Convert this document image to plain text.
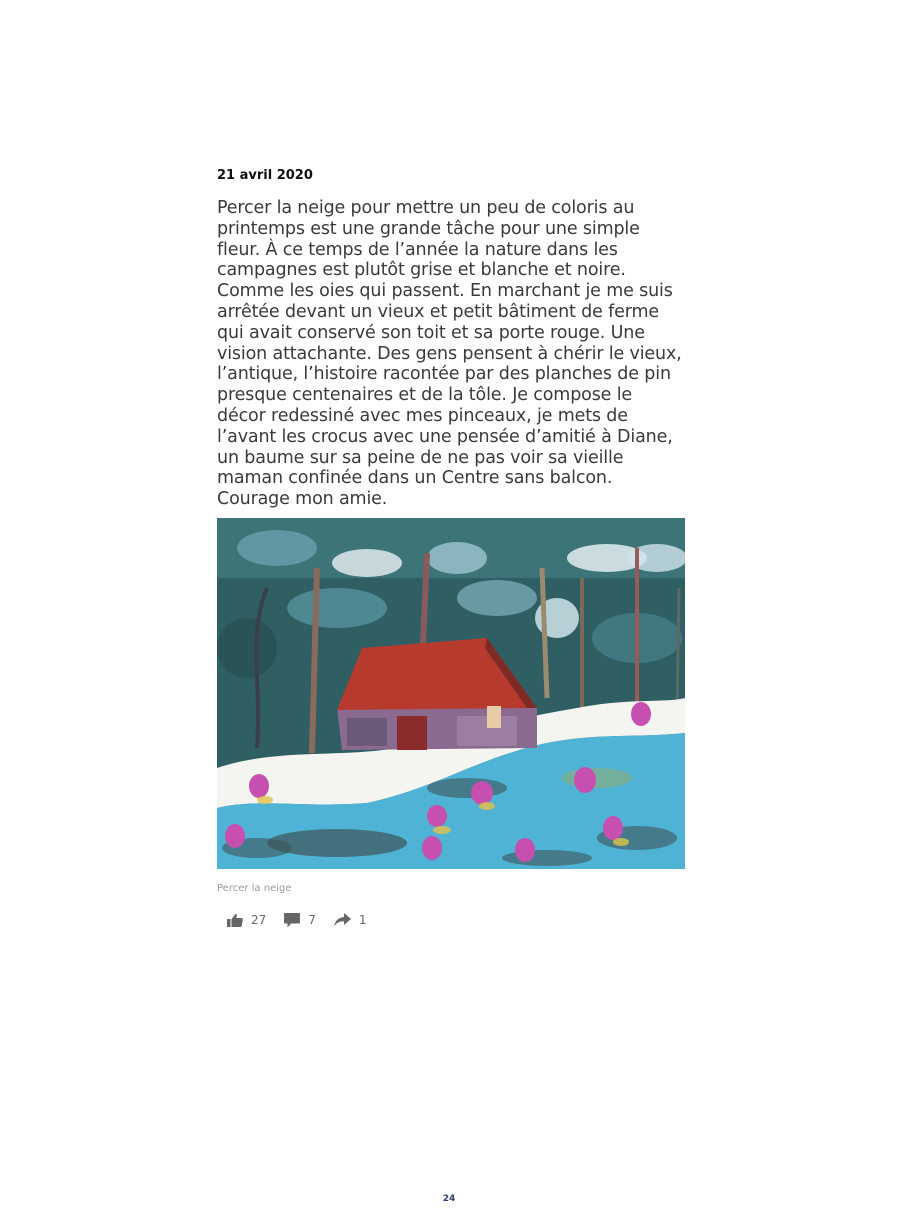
21 avril 2020

Percer la neige pour mettre un peu de coloris au printemps est une grande tâche pour une simple fleur. À ce temps de l’année la nature dans les campagnes est plutôt grise et blanche et noire. Comme les oies qui passent. En marchant je me suis arrêtée devant un vieux et petit bâtiment de ferme qui avait conservé son toit et sa porte rouge. Une vision attachante. Des gens pensent à chérir le vieux, l’antique, l’histoire racontée par des planches de pin presque centenaires et de la tôle. Je compose le décor redessiné avec mes pinceaux, je mets de l’avant les crocus avec une pensée d’amitié à Diane, un baume sur sa peine de ne pas voir sa vieille maman confinée dans un Centre sans balcon. Courage mon amie.

Percer la neige
27	7	1
24
